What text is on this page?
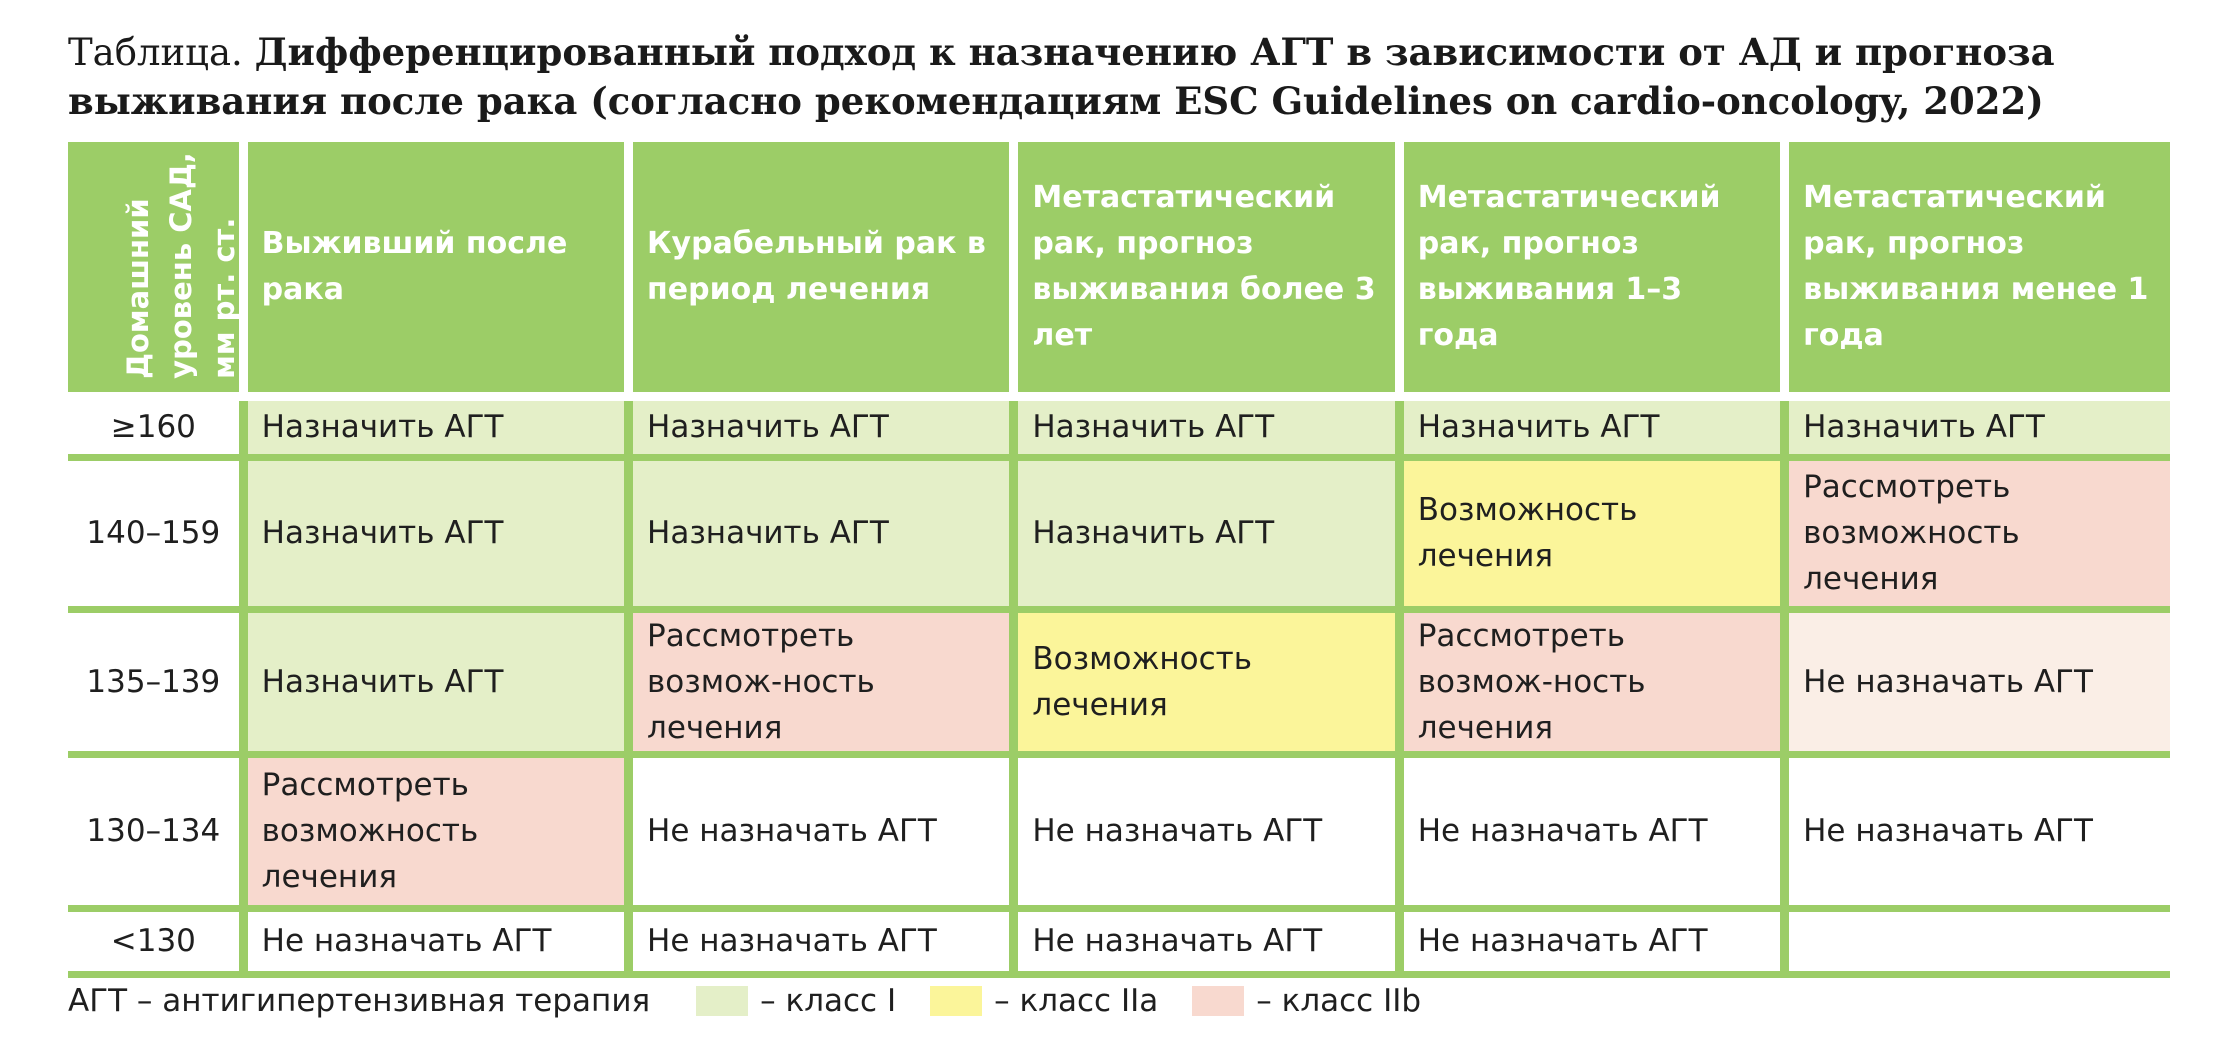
Таблица. Дифференцированный подход к назначению АГТ в зависимости от АД и прогноза выживания после рака (согласно рекомендациям ESC Guidelines on cardio-oncology, 2022)
Домашний уровень САД, мм рт. ст.	Выживший после рака	Курабельный рак в период лечения	Метастатический рак, прогноз выживания более 3 лет	Метастатический рак, прогноз выживания 1–3 года	Метастатический рак, прогноз выживания менее 1 года
≥160	Назначить АГТ	Назначить АГТ	Назначить АГТ	Назначить АГТ	Назначить АГТ
140–159	Назначить АГТ	Назначить АГТ	Назначить АГТ	Возможность лечения	Рассмотреть возможность лечения
135–139	Назначить АГТ	Рассмотреть возмож-ность лечения	Возможность лечения	Рассмотреть возмож-ность лечения	Не назначать АГТ
130–134	Рассмотреть возможность лечения	Не назначать АГТ	Не назначать АГТ	Не назначать АГТ	Не назначать АГТ
<130	Не назначать АГТ	Не назначать АГТ	Не назначать АГТ	Не назначать АГТ	
АГТ – антигипертензивная терапия	– класс I	– класс IIa	– класс IIb
